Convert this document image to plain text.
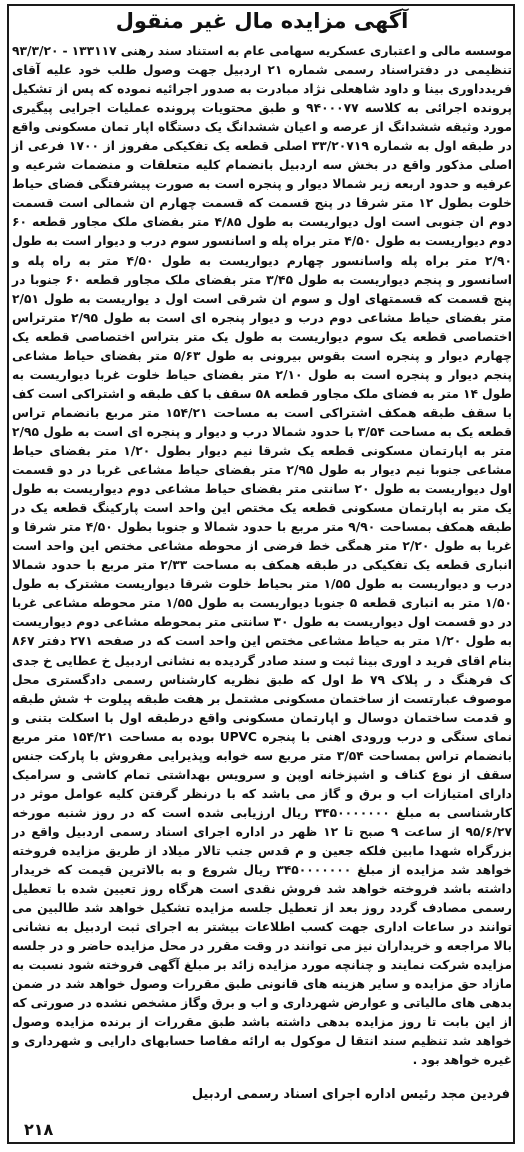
آگهی مزایده مال غیر منقول
موسسه مالی و اعتباری عسکریه سهامی عام به استناد سند رهنی ۱۳۳۱۱۷ - ۹۳/۳/۲۰ تنظیمی در دفتراسناد رسمی شماره ۲۱ اردبیل جهت وصول طلب خود علیه آقای فریدداوری بینا و داود شاهعلی نژاد مبادرت به صدور اجرائیه نموده که پس از تشکیل پرونده اجرائی به کلاسه ۹۴۰۰۰۷۷ و طبق محتویات پرونده عملیات اجرایی پیگیری مورد وثیقه ششدانگ از عرصه و اعیان ششدانگ یک دستگاه اپار تمان مسکونی واقع در طبقه اول به شماره ۳۳/۲۰۷۱۹ اصلی قطعه یک تفکیکی مفروز از ۱۷۰۰ فرعی از اصلی مذکور واقع در بخش سه اردبیل بانضمام کلیه متعلقات و منضمات شرعیه و عرفیه و حدود اربعه زیر شمالا دیوار و پنجره است به صورت پیشرفتگی فضای حیاط خلوت بطول ۱۲ متر شرقا در پنج قسمت که قسمت چهارم ان شمالی است قسمت دوم ان جنوبی است اول دیواریست به طول ۴/۸۵ متر بفضای ملک مجاور قطعه ۶۰ دوم دیواریست به طول ۴/۵۰ متر براه پله و اسانسور سوم درب و دیوار است به طول ۲/۹۰ متر براه پله واسانسور چهارم دیواریست به طول ۴/۵۰ متر به راه پله و اسانسور و پنجم دیواریست به طول ۳/۴۵ متر بفضای ملک مجاور قطعه ۶۰ جنوبا در پنج قسمت که قسمتهای اول و سوم ان شرقی است اول د یواریست به طول ۲/۵۱ متر بفضای حیاط مشاعی دوم درب و دیوار پنجره ای است به طول ۲/۹۵ مترتراس اختصاصی قطعه یک سوم دیواریست به طول یک متر بتراس اختصاصی قطعه یک چهارم دیوار و پنجره است بقوس بیرونی به طول ۵/۶۳ متر بفضای حیاط مشاعی پنجم دیوار و پنجره است به طول ۲/۱۰ متر بفضای حیاط خلوت غربا دیواریست به طول ۱۴ متر به فضای ملک مجاور قطعه ۵۸ سقف با کف طبقه و اشتراکی است کف با سقف طبقه همکف اشتراکی است به مساحت ۱۵۴/۲۱ متر مربع بانضمام تراس قطعه یک به مساحت ۳/۵۴ با حدود شمالا درب و دیوار و پنجره ای است به طول ۲/۹۵ متر به اپارتمان مسکونی قطعه یک شرقا نیم دیوار بطول ۱/۲۰ متر بفضای حیاط مشاعی جنوبا نیم دیوار به طول ۲/۹۵ متر بفضای حیاط مشاعی غربا در دو قسمت اول دیواریست به طول ۲۰ سانتی متر بفضای حیاط مشاعی دوم دیواریست به طول یک متر به اپارتمان مسکونی قطعه یک مختص این واحد است پارکینگ قطعه یک در طبقه همکف بمساحت ۹/۹۰ متر مربع با حدود شمالا و جنوبا بطول ۴/۵۰ متر شرقا و غربا به طول ۲/۲۰ متر همگی خط فرضی از محوطه مشاعی مختص این واحد است انباری قطعه یک تفکیکی در طبقه همکف به مساحت ۲/۳۳ متر مربع با حدود شمالا درب و دیواریست به طول ۱/۵۵ متر بحیاط خلوت شرقا دیواریست مشترک به طول ۱/۵۰ متر به انباری قطعه ۵ جنوبا دیواریست به طول ۱/۵۵ متر محوطه مشاعی غربا در دو قسمت اول دیواریست به طول ۳۰ سانتی متر بمحوطه مشاعی دوم دیواریست به طول ۱/۲۰ متر به حیاط مشاعی مختص این واحد است که در صفحه ۲۷۱ دفتر ۸۶۷ بنام اقای فرید د اوری بینا ثبت و سند صادر گردیده به نشانی اردبیل خ عطایی خ جدی ک فرهنگ د ر پلاک ۷۹ ط اول که طبق نظریه کارشناس رسمی دادگستری محل موصوف عبارتست از ساختمان مسکونی مشتمل بر هفت طبقه پیلوت + شش طبقه و قدمت ساختمان دوسال و اپارتمان مسکونی واقع درطبقه اول با اسکلت بتنی و نمای سنگی و درب ورودی اهنی با پنجره UPVC بوده به مساحت ۱۵۴/۲۱ متر مربع بانضمام تراس بمساحت ۳/۵۴ متر مربع سه خوابه وپذیرایی مفروش با پارکت جنس سقف از نوع کناف و اشپزخانه اوپن و سرویس بهداشتی تمام کاشی و سرامیک دارای امتیازات اب و برق و گاز می باشد که با درنظر گرفتن کلیه عوامل موثر در کارشناسی به مبلغ ۳۴۵۰۰۰۰۰۰۰ ریال ارزیابی شده است که در روز شنبه مورخه ۹۵/۶/۲۷ از ساعت ۹ صبح تا ۱۲ ظهر در اداره اجرای اسناد رسمی اردبیل واقع در بزرگراه شهدا مابین فلکه جعین و م قدس جنب تالار میلاد از طریق مزایده فروخته خواهد شد مزایده از مبلغ ۳۴۵۰۰۰۰۰۰۰ ریال شروع و به بالاترین قیمت که خریدار داشته باشد فروخته خواهد شد فروش نقدی است هرگاه روز تعیین شده با تعطیل رسمی مصادف گردد روز بعد از تعطیل جلسه مزایده تشکیل خواهد شد طالبین می توانند در ساعات اداری جهت کسب اطلاعات بیشتر به اجرای ثبت اردبیل به نشانی بالا مراجعه و خریداران نیز می توانند در وقت مقرر در محل مزایده حاضر و در جلسه مزایده شرکت نمایند و چنانچه مورد مزایده زائد بر مبلغ آگهی فروخته شود نسبت به مازاد حق مزایده و سایر هزینه های قانونی طبق مقررات وصول خواهد شد در ضمن بدهی های مالیاتی و عوارض شهرداری و اب و برق وگاز مشخص نشده در صورتی که از این بابت تا روز مزایده بدهی داشته باشد طبق مقررات از برنده مزایده وصول خواهد شد تنظیم سند انتقا ل موکول به ارائه مفاصا حسابهای دارایی و شهرداری و غیره خواهد بود .
فردین مجد رئیس اداره اجرای اسناد رسمی اردبیل
۲۱۸
